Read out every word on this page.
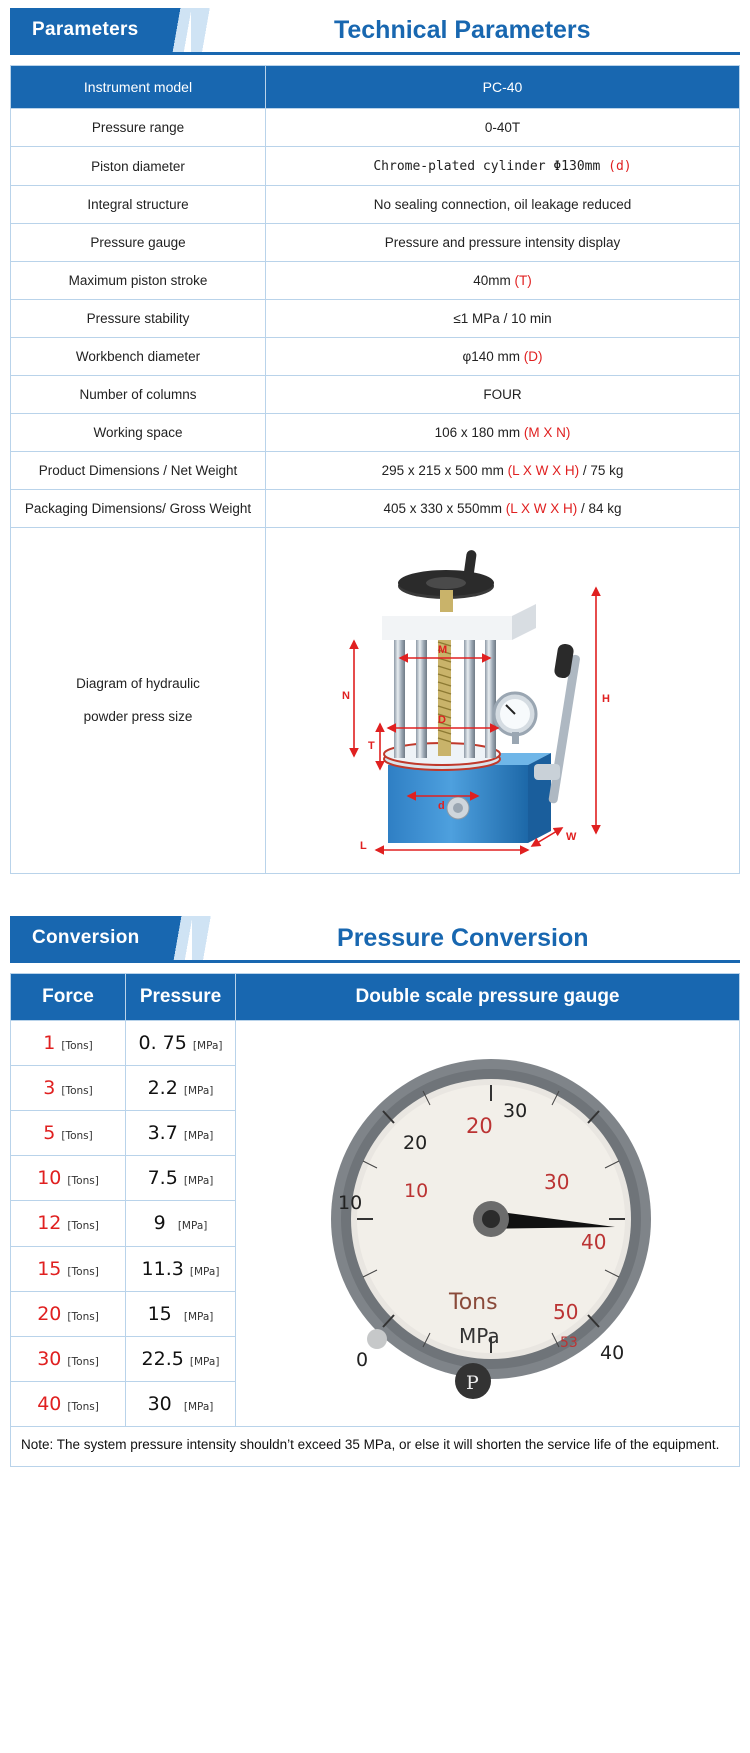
Parameters	Technical Parameters
Instrument model	PC-40
Pressure range	0-40T
Piston diameter	Chrome-plated cylinder Φ130mm (d)
Integral structure	No sealing connection, oil leakage reduced
Pressure gauge	Pressure and pressure intensity display
Maximum piston stroke	40mm (T)
Pressure stability	≤1 MPa / 10 min
Workbench diameter	φ140 mm (D)
Number of columns	FOUR
Working space	106 x 180 mm (M X N)
Product Dimensions / Net Weight	295 x 215 x 500 mm (L X W X H) / 75 kg
Packaging Dimensions/ Gross Weight	405 x 330 x 550mm (L X W X H) / 84 kg

Diagram of hydraulic
powder press size

H
N
M
D
T
d
L
W
Conversion	Pressure Conversion
Force	Pressure	Double scale pressure gauge
1 [Tons]	0. 75 [MPa]	
20
10	30
40
50
53
10
20
30
40
0
Tons
MPa
P

3 [Tons]	2.2 [MPa]	
5 [Tons]	3.7 [MPa]	
10 [Tons]	7.5 [MPa]	
12 [Tons]	9 [MPa]	
15 [Tons]	11.3 [MPa]	
20 [Tons]	15 [MPa]	
30 [Tons]	22.5 [MPa]	
40 [Tons]	30 [MPa]	
Note: The system pressure intensity shouldn’t exceed 35 MPa, or else it will shorten the service life of the equipment.
